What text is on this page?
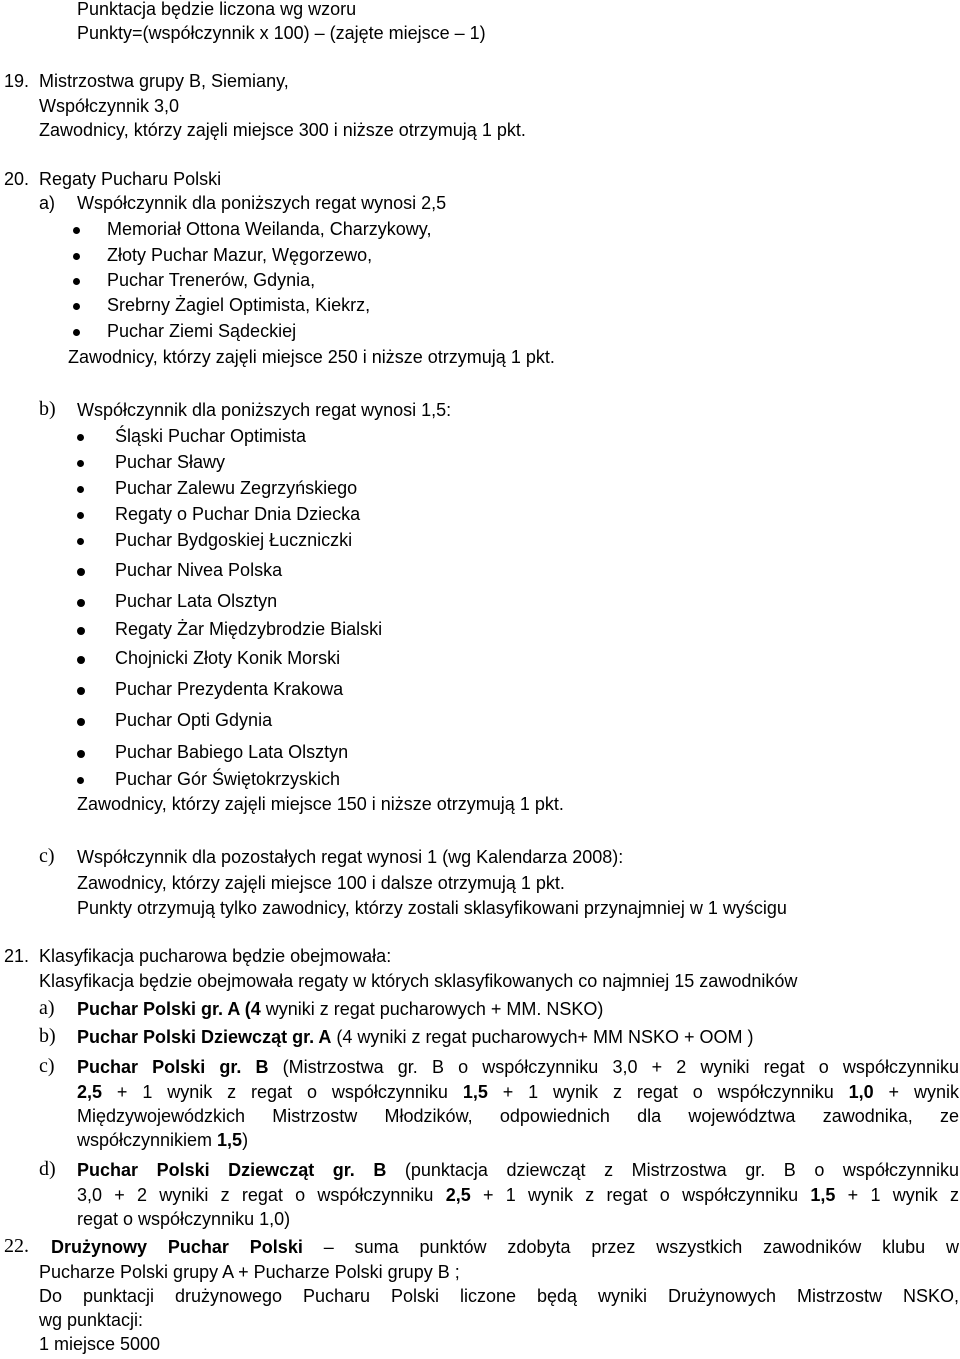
Punktacja będzie liczona wg wzoru
Punkty=(współczynnik x 100) – (zajęte miejsce – 1)
19. Mistrzostwa grupy B, Siemiany,
Współczynnik 3,0
Zawodnicy, którzy zajęli miejsce 300 i niższe otrzymują 1 pkt.
20. Regaty Pucharu Polski
a) Współczynnik dla poniższych regat wynosi 2,5
Memoriał Ottona Weilanda, Charzykowy,
Złoty Puchar Mazur, Węgorzewo,
Puchar Trenerów, Gdynia,
Srebrny Żagiel Optimista, Kiekrz,
Puchar Ziemi Sądeckiej
Zawodnicy, którzy zajęli miejsce 250 i niższe otrzymują 1 pkt.
b) Współczynnik dla poniższych regat wynosi 1,5:
Śląski Puchar Optimista
Puchar Sławy
Puchar Zalewu Zegrzyńskiego
Regaty o Puchar Dnia Dziecka
Puchar Bydgoskiej Łuczniczki
Puchar Nivea Polska
Puchar Lata Olsztyn
Regaty Żar Międzybrodzie Bialski
Chojnicki Złoty Konik Morski
Puchar Prezydenta Krakowa
Puchar Opti Gdynia
Puchar Babiego Lata Olsztyn
Puchar Gór Świętokrzyskich
Zawodnicy, którzy zajęli miejsce 150 i niższe otrzymują 1 pkt.
c) Współczynnik dla pozostałych regat wynosi 1 (wg Kalendarza 2008):
Zawodnicy, którzy zajęli miejsce 100 i dalsze otrzymują 1 pkt.
Punkty otrzymują tylko zawodnicy, którzy zostali sklasyfikowani przynajmniej w 1 wyścigu
21. Klasyfikacja pucharowa będzie obejmowała:
Klasyfikacja będzie obejmowała regaty w których sklasyfikowanych co najmniej 15 zawodników
a) Puchar Polski gr. A (4 wyniki z regat pucharowych + MM. NSKO)
b) Puchar Polski Dziewcząt gr. A (4 wyniki z regat pucharowych+ MM NSKO + OOM )
c) Puchar Polski gr. B (Mistrzostwa gr. B o współczynniku 3,0 + 2 wyniki regat o współczynniku
2,5 + 1 wynik z regat o współczynniku 1,5 + 1 wynik z regat o współczynniku 1,0 + wynik
Międzywojewódzkich Mistrzostw Młodzików, odpowiednich dla województwa zawodnika, ze
współczynnikiem 1,5)
d) Puchar Polski Dziewcząt gr. B (punktacja dziewcząt z Mistrzostwa gr. B o współczynniku
3,0 + 2 wyniki z regat o współczynniku 2,5 + 1 wynik z regat o współczynniku 1,5 + 1 wynik z
regat o współczynniku 1,0)
22. Drużynowy Puchar Polski – suma punktów zdobyta przez wszystkich zawodników klubu w
Pucharze Polski grupy A + Pucharze Polski grupy B ;
Do punktacji drużynowego Pucharu Polski liczone będą wyniki Drużynowych Mistrzostw NSKO,
wg punktacji:
1 miejsce 5000
